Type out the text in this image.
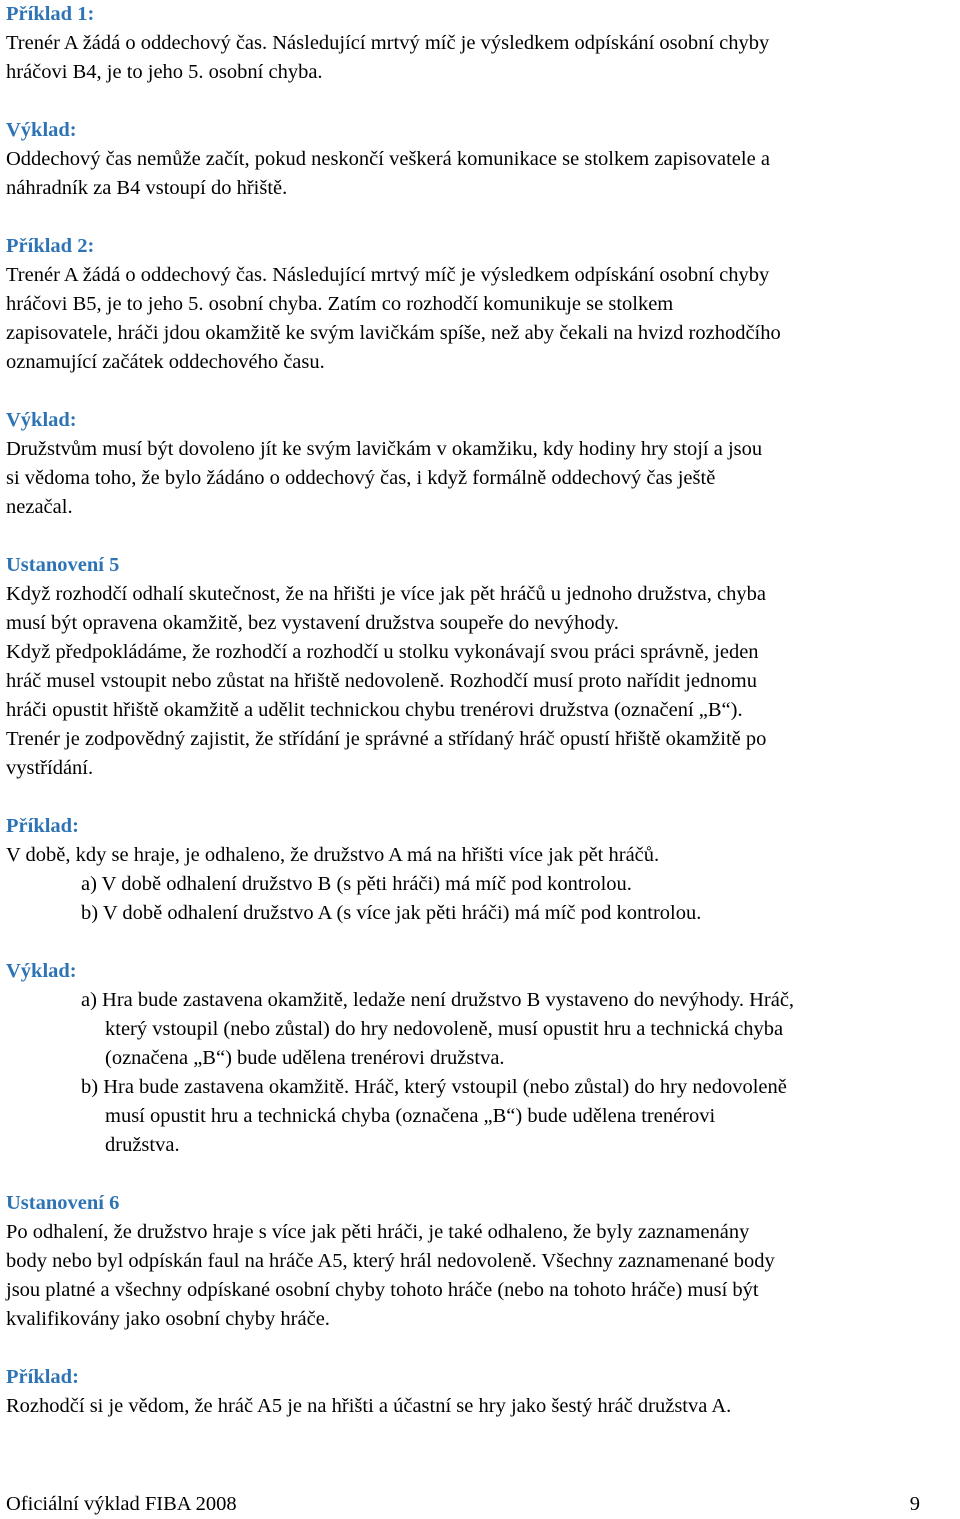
Příklad 1:
Trenér A žádá o oddechový čas. Následující mrtvý míč je výsledkem odpískání osobní chyby
hráčovi B4, je to jeho 5. osobní chyba.
Výklad:
Oddechový čas nemůže začít, pokud neskončí veškerá komunikace se stolkem zapisovatele a
náhradník za B4 vstoupí do hřiště.
Příklad 2:
Trenér A žádá o oddechový čas. Následující mrtvý míč je výsledkem odpískání osobní chyby
hráčovi B5, je to jeho 5. osobní chyba. Zatím co rozhodčí komunikuje se stolkem
zapisovatele, hráči jdou okamžitě ke svým lavičkám spíše, než aby čekali na hvizd rozhodčího
oznamující začátek oddechového času.
Výklad:
Družstvům musí být dovoleno jít ke svým lavičkám v okamžiku, kdy hodiny hry stojí a jsou
si vědoma toho, že bylo žádáno o oddechový čas, i když formálně oddechový čas ještě
nezačal.
Ustanovení 5
Když rozhodčí odhalí skutečnost, že na hřišti je více jak pět hráčů u jednoho družstva, chyba
musí být opravena okamžitě, bez vystavení družstva soupeře do nevýhody.
Když předpokládáme, že rozhodčí a rozhodčí u stolku vykonávají svou práci správně, jeden
hráč musel vstoupit nebo zůstat na hřiště nedovoleně. Rozhodčí musí proto nařídit jednomu
hráči opustit hřiště okamžitě a udělit technickou chybu trenérovi družstva (označení „B“).
Trenér je zodpovědný zajistit, že střídání je správné a střídaný hráč opustí hřiště okamžitě po
vystřídání.
Příklad:
V době, kdy se hraje, je odhaleno, že družstvo A má na hřišti více jak pět hráčů.
a) V době odhalení družstvo B (s pěti hráči) má míč pod kontrolou.
b) V době odhalení družstvo A (s více jak pěti hráči) má míč pod kontrolou.
Výklad:
a) Hra bude zastavena okamžitě, ledaže není družstvo B vystaveno do nevýhody. Hráč,
který vstoupil (nebo zůstal) do hry nedovoleně, musí opustit hru a technická chyba
(označena „B“) bude udělena trenérovi družstva.
b) Hra bude zastavena okamžitě. Hráč, který vstoupil (nebo zůstal) do hry nedovoleně
musí opustit hru a technická chyba (označena „B“) bude udělena trenérovi
družstva.
Ustanovení 6
Po odhalení, že družstvo hraje s více jak pěti hráči, je také odhaleno, že byly zaznamenány
body nebo byl odpískán faul na hráče A5, který hrál nedovoleně. Všechny zaznamenané body
jsou platné a všechny odpískané osobní chyby tohoto hráče (nebo na tohoto hráče) musí být
kvalifikovány jako osobní chyby hráče.
Příklad:
Rozhodčí si je vědom, že hráč A5 je na hřišti a účastní se hry jako šestý hráč družstva A.
Oficiální výklad FIBA 2008	9
